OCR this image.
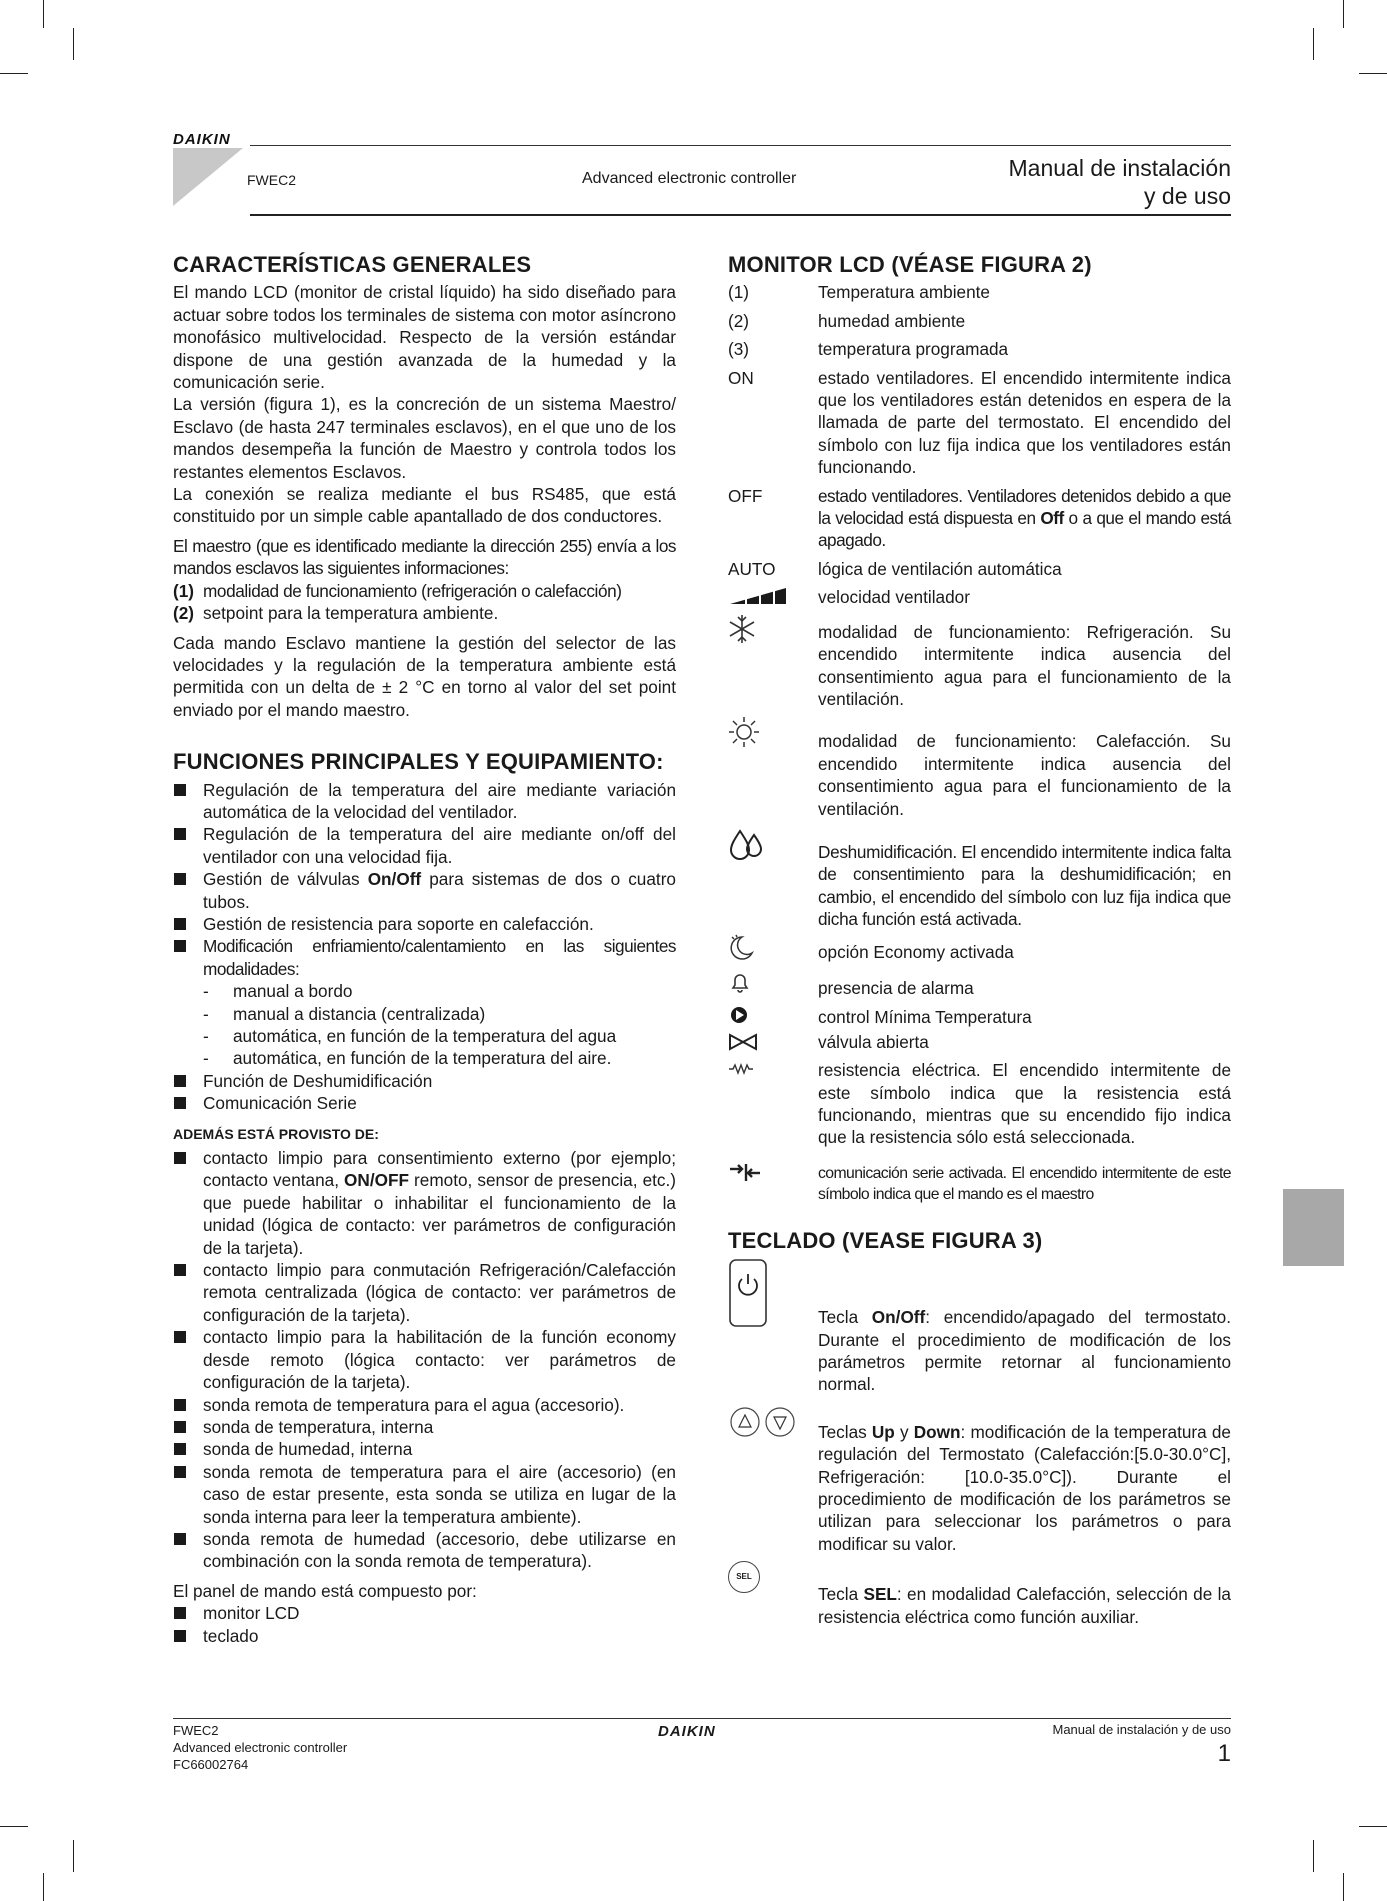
DAIKIN
FWEC2	Advanced electronic controller	Manual de instalación
y de uso
CARACTERÍSTICAS GENERALES

El mando LCD (monitor de cristal líquido) ha sido diseñado para actuar sobre todos los terminales de sistema con motor asíncrono monofásico multivelocidad. Respecto de la versión estándar dispone de una gestión avanzada de la humedad y la comunicación serie.

La versión (figura 1), es la concreción de un sistema Maestro/ Esclavo (de hasta 247 terminales esclavos), en el que uno de los mandos desempeña la función de Maestro y controla todos los restantes elementos Esclavos.

La conexión se realiza mediante el bus RS485, que está constituido por un simple cable apantallado de dos conductores.

El maestro (que es identificado mediante la dirección 255) envía a los mandos esclavos las siguientes informaciones:

(1) modalidad de funcionamiento (refrigeración o calefacción)
(2) setpoint para la temperatura ambiente.

Cada mando Esclavo mantiene la gestión del selector de las velocidades y la regulación de la temperatura ambiente está permitida con un delta de ± 2 °C en torno al valor del set point enviado por el mando maestro.

FUNCIONES PRINCIPALES Y EQUIPAMIENTO:
Regulación de la temperatura del aire mediante variación automática de la velocidad del ventilador.
Regulación de la temperatura del aire mediante on/off del ventilador con una velocidad fija.
Gestión de válvulas On/Off para sistemas de dos o cuatro tubos.
Gestión de resistencia para soporte en calefacción.
Modificación enfriamiento/calentamiento en las siguientes modalidades:
- manual a bordo
- manual a distancia (centralizada)
- automática, en función de la temperatura del agua
- automática, en función de la temperatura del aire.
Función de Deshumidificación
Comunicación Serie
ADEMÁS ESTÁ PROVISTO DE:
contacto limpio para consentimiento externo (por ejemplo; contacto ventana, ON/OFF remoto, sensor de presencia, etc.) que puede habilitar o inhabilitar el funcionamiento de la unidad (lógica de contacto: ver parámetros de configuración de la tarjeta).
contacto limpio para conmutación Refrigeración/Calefacción remota centralizada (lógica de contacto: ver parámetros de configuración de la tarjeta).
contacto limpio para la habilitación de la función economy desde remoto (lógica contacto: ver parámetros de configuración de la tarjeta).
sonda remota de temperatura para el agua (accesorio).
sonda de temperatura, interna
sonda de humedad, interna
sonda remota de temperatura para el aire (accesorio) (en caso de estar presente, esta sonda se utiliza en lugar de la sonda interna para leer la temperatura ambiente).
sonda remota de humedad (accesorio, debe utilizarse en combinación con la sonda remota de temperatura).

El panel de mando está compuesto por:

monitor LCD
teclado
MONITOR LCD (VÉASE FIGURA 2)
(1)	Temperatura ambiente
(2)	humedad ambiente
(3)	temperatura programada
ON	estado ventiladores. El encendido intermitente indica que los ventiladores están detenidos en espera de la llamada de parte del termostato. El encendido del símbolo con luz fija indica que los ventiladores están funcionando.
OFF	estado ventiladores. Ventiladores detenidos debido a que la velocidad está dispuesta en Off o a que el mando está apagado.
AUTO	lógica de ventilación automática
velocidad ventilador
modalidad de funcionamiento: Refrigeración. Su encendido intermitente indica ausencia del consentimiento agua para el funcionamiento de la ventilación.
modalidad de funcionamiento: Calefacción. Su encendido intermitente indica ausencia del consentimiento agua para el funcionamiento de la ventilación.
Deshumidificación. El encendido intermitente indica falta de consentimiento para la deshumidificación; en cambio, el encendido del símbolo con luz fija indica que dicha función está activada.
opción Economy activada
presencia de alarma
control Mínima Temperatura
válvula abierta
resistencia eléctrica. El encendido intermitente de este símbolo indica que la resistencia está funcionando, mientras que su encendido fijo indica que la resistencia sólo está seleccionada.
comunicación serie activada. El encendido intermitente de este símbolo indica que el mando es el maestro
TECLADO (VEASE FIGURA 3)
Tecla On/Off: encendido/apagado del termostato. Durante el procedimiento de modificación de los parámetros permite retornar al funcionamiento normal.
Teclas Up y Down: modificación de la temperatura de regulación del Termostato (Calefacción:[5.0-30.0°C], Refrigeración: [10.0-35.0°C]). Durante el procedimiento de modificación de los parámetros se utilizan para seleccionar los parámetros o para modificar su valor.
SEL
Tecla SEL: en modalidad Calefacción, selección de la resistencia eléctrica como función auxiliar.
FWEC2
Advanced electronic controller
FC66002764
DAIKIN	Manual de instalación y de uso
1
